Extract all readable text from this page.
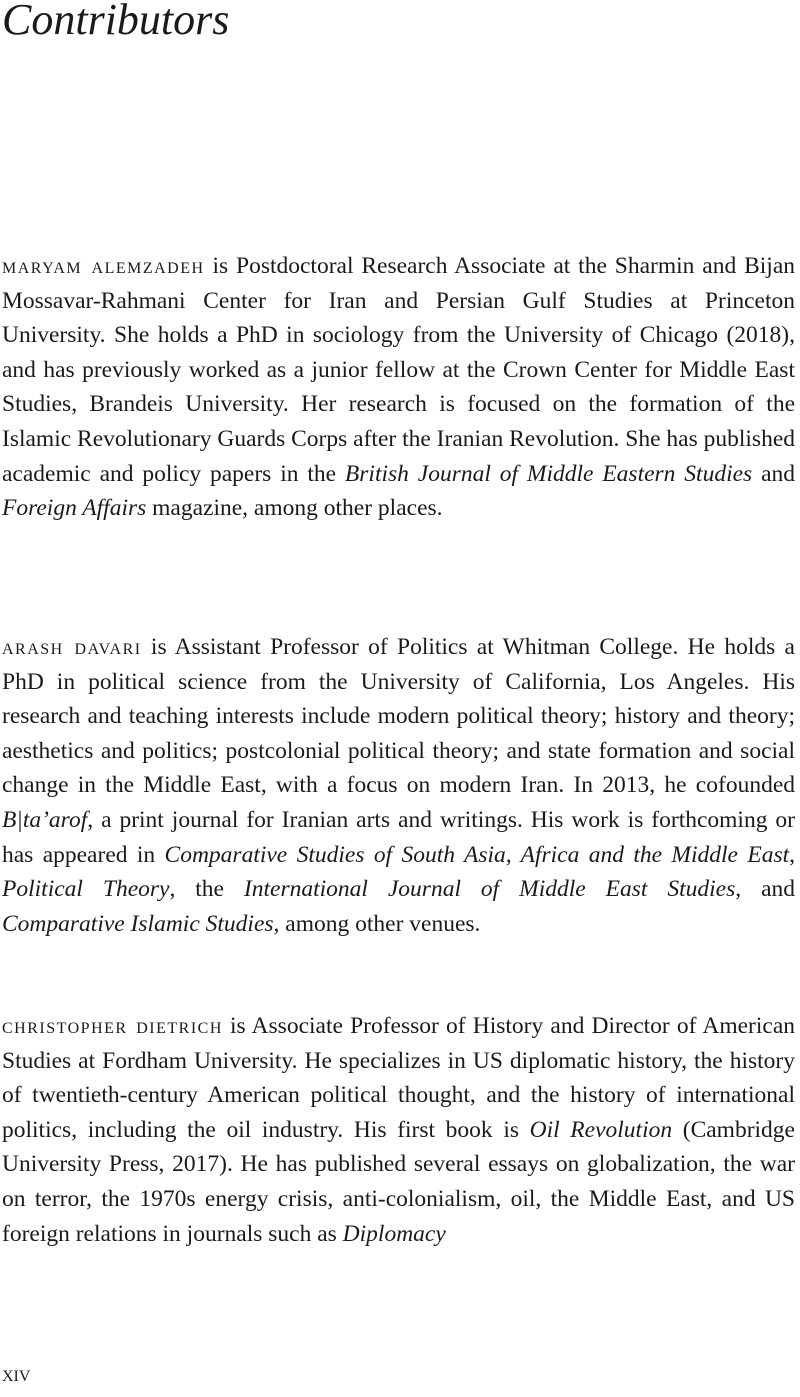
Contributors

maryam alemzadeh is Postdoctoral Research Associate at the Sharmin and Bijan Mossavar-Rahmani Center for Iran and Persian Gulf Studies at Princeton University. She holds a PhD in sociology from the University of Chicago (2018), and has previously worked as a junior fellow at the Crown Center for Middle East Studies, Brandeis University. Her research is focused on the formation of the Islamic Revolutionary Guards Corps after the Iranian Revolution. She has published academic and policy papers in the British Journal of Middle Eastern Studies and Foreign Affairs magazine, among other places.

arash davari is Assistant Professor of Politics at Whitman College. He holds a PhD in political science from the University of California, Los Angeles. His research and teaching interests include modern political theory; history and theory; aesthetics and politics; postcolonial political theory; and state formation and social change in the Middle East, with a focus on modern Iran. In 2013, he cofounded B|ta’arof, a print journal for Iranian arts and writings. His work is forthcoming or has appeared in Comparative Studies of South Asia, Africa and the Middle East, Political Theory, the International Journal of Middle East Studies, and Comparative Islamic Studies, among other venues.

christopher dietrich is Associate Professor of History and Director of American Studies at Fordham University. He specializes in US diplomatic history, the history of twentieth-century American political thought, and the history of international politics, including the oil industry. His first book is Oil Revolution (Cambridge University Press, 2017). He has published several essays on globalization, the war on terror, the 1970s energy crisis, anti-colonialism, oil, the Middle East, and US foreign relations in journals such as Diplomacy

xiv
